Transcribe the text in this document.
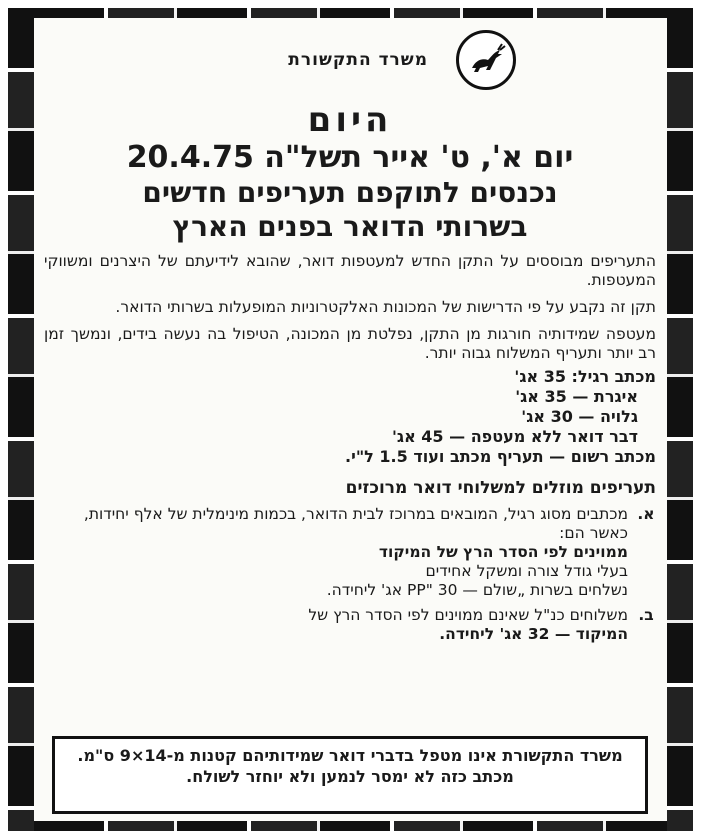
משרד התקשורת
היום
יום א', ט' אייר תשל"ה 20.4.75
נכנסים לתוקפם תעריפים חדשים
בשרותי הדואר בפנים הארץ
התעריפים מבוססים על התקן החדש למעטפות דואר, שהובא לידיעתם של היצרנים ומשווקי המעטפות.
תקן זה נקבע על פי הדרישות של המכונות האלקטרוניות המופעלות בשרותי הדואר.
מעטפה שמידותיה חורגות מן התקן, נפלטת מן המכונה, הטיפול בה נעשה בידים, ונמשך זמן רב יותר ותעריף המשלוח גבוה יותר.
מכתב רגיל: 35 אג'
איגרת — 35 אג'
גלויה — 30 אג'
דבר דואר ללא מעטפה — 45 אג'
מכתב רשום — תעריף מכתב ועוד 1.5 ל"י.
תעריפים מוזלים למשלוחי דואר מרוכזים
א.
מכתבים מסוג רגיל, המובאים במרוכז לבית הדואר, בכמות מינימלית של אלף יחידות, כאשר הם:
ממוינים לפי הסדר הרץ של המיקוד
בעלי גודל צורה ומשקל אחידים
נשלחים בשרות „שולם — PP" 30 אג' ליחידה.
ב.
משלוחים כנ"ל שאינם ממוינים לפי הסדר הרץ של
המיקוד — 32 אג' ליחידה.
משרד התקשורת אינו מטפל בדברי דואר שמידותיהם קטנות מ-14×9 ס"מ. מכתב כזה לא ימסר לנמען ולא יוחזר לשולח.
